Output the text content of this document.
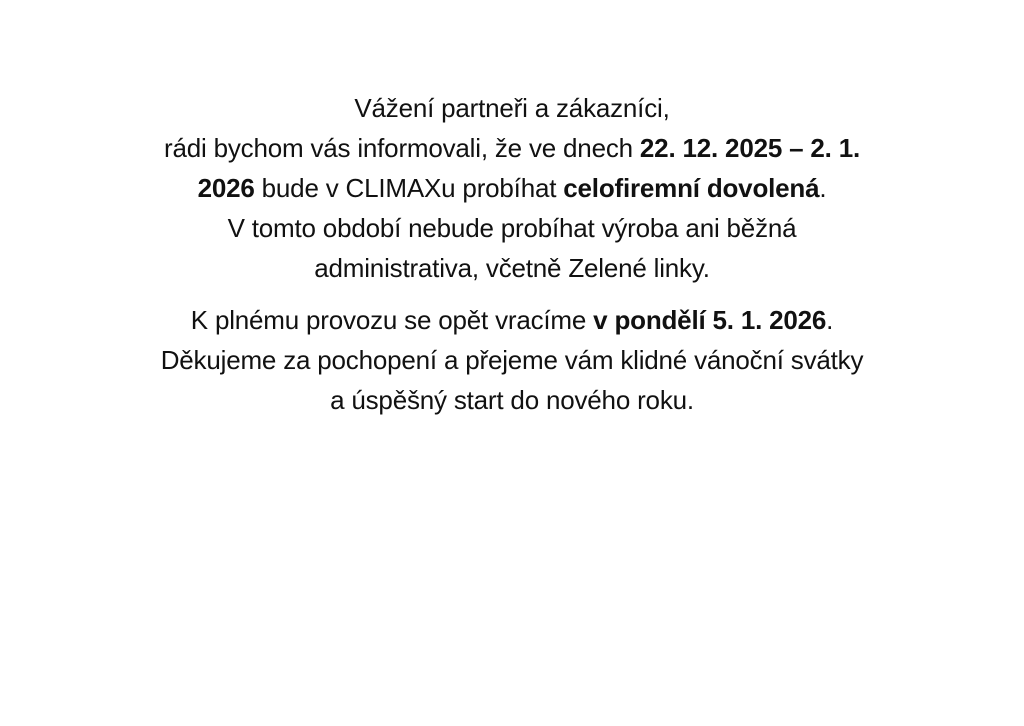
Vážení partneři a zákazníci,
rádi bychom vás informovali, že ve dnech 22. 12. 2025 – 2. 1.
2026 bude v CLIMAXu probíhat celofiremní dovolená.
V tomto období nebude probíhat výroba ani běžná
administrativa, včetně Zelené linky.

K plnému provozu se opět vracíme v pondělí 5. 1. 2026.
Děkujeme za pochopení a přejeme vám klidné vánoční svátky
a úspěšný start do nového roku.
